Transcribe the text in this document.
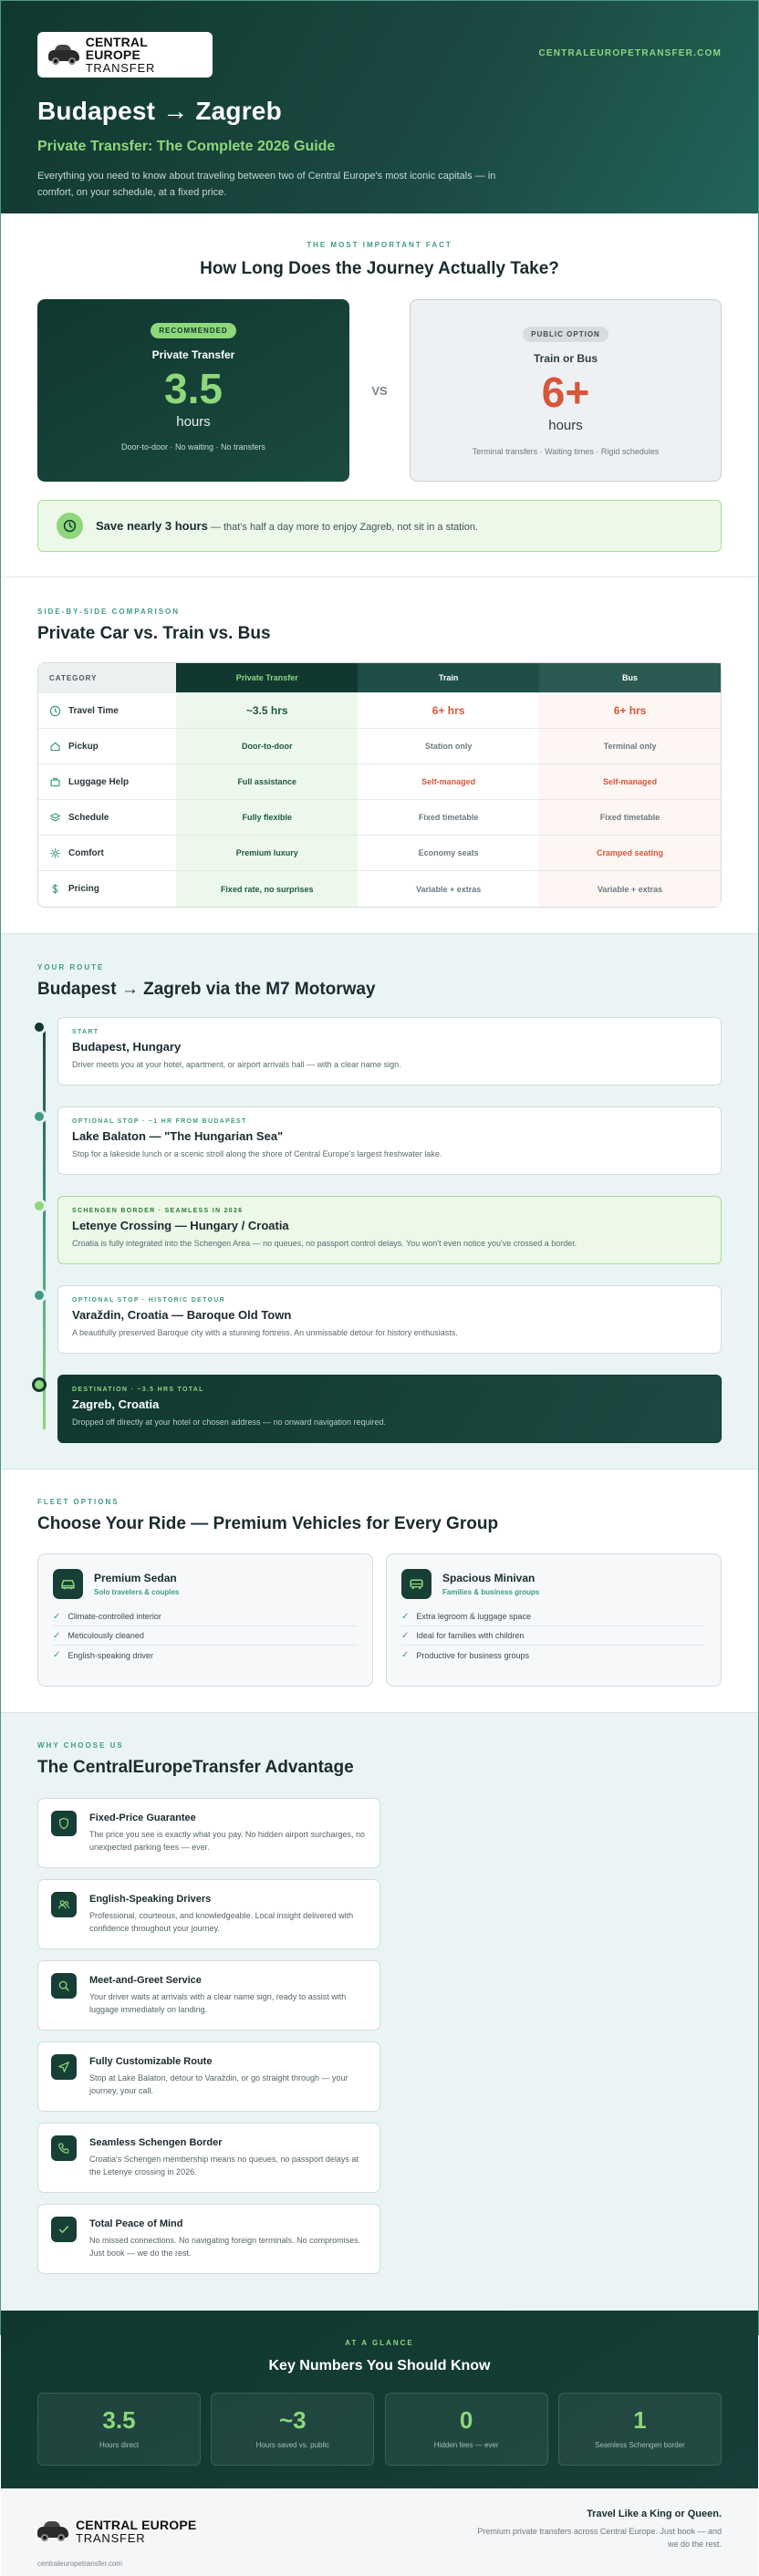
CENTRAL EUROPE
TRANSFER
CENTRALEUROPETRANSFER.COM
Budapest → Zagreb
Private Transfer: The Complete 2026 Guide

Everything you need to know about traveling between two of Central Europe's most iconic capitals — in comfort, on your schedule, at a fixed price.

THE MOST IMPORTANT FACT
How Long Does the Journey Actually Take?
RECOMMENDED
Private Transfer
3.5
hours
Door-to-door · No waiting · No transfers
VS
PUBLIC OPTION
Train or Bus
6+
hours
Terminal transfers · Waiting times · Rigid schedules
Save nearly 3 hours — that's half a day more to enjoy Zagreb, not sit in a station.
SIDE-BY-SIDE COMPARISON
Private Car vs. Train vs. Bus
CATEGORY	Private Transfer	Train	Bus
Travel Time	~3.5 hrs	6+ hrs	6+ hrs
Pickup	Door-to-door	Station only	Terminal only
Luggage Help	Full assistance	Self-managed	Self-managed
Schedule	Fully flexible	Fixed timetable	Fixed timetable
Comfort	Premium luxury	Economy seats	Cramped seating
Pricing	Fixed rate, no surprises	Variable + extras	Variable + extras
YOUR ROUTE
Budapest → Zagreb via the M7 Motorway
START
Budapest, Hungary
Driver meets you at your hotel, apartment, or airport arrivals hall — with a clear name sign.
OPTIONAL STOP · ~1 HR FROM BUDAPEST
Lake Balaton — "The Hungarian Sea"
Stop for a lakeside lunch or a scenic stroll along the shore of Central Europe's largest freshwater lake.
SCHENGEN BORDER · SEAMLESS IN 2026
Letenye Crossing — Hungary / Croatia
Croatia is fully integrated into the Schengen Area — no queues, no passport control delays. You won't even notice you've crossed a border.
OPTIONAL STOP · HISTORIC DETOUR
Varaždin, Croatia — Baroque Old Town
A beautifully preserved Baroque city with a stunning fortress. An unmissable detour for history enthusiasts.
DESTINATION · ~3.5 HRS TOTAL
Zagreb, Croatia
Dropped off directly at your hotel or chosen address — no onward navigation required.
FLEET OPTIONS
Choose Your Ride — Premium Vehicles for Every Group
Premium Sedan
Solo travelers & couples
✓ Climate-controlled interior
✓ Meticulously cleaned
✓ English-speaking driver
Spacious Minivan
Families & business groups
✓ Extra legroom & luggage space
✓ Ideal for families with children
✓ Productive for business groups
WHY CHOOSE US
The CentralEuropeTransfer Advantage
Fixed-Price Guarantee
The price you see is exactly what you pay. No hidden airport surcharges, no unexpected parking fees — ever.
English-Speaking Drivers
Professional, courteous, and knowledgeable. Local insight delivered with confidence throughout your journey.
Meet-and-Greet Service
Your driver waits at arrivals with a clear name sign, ready to assist with luggage immediately on landing.
Fully Customizable Route
Stop at Lake Balaton, detour to Varaždin, or go straight through — your journey, your call.
Seamless Schengen Border
Croatia's Schengen membership means no queues, no passport delays at the Letenye crossing in 2026.
Total Peace of Mind
No missed connections. No navigating foreign terminals. No compromises. Just book — we do the rest.
AT A GLANCE
Key Numbers You Should Know
3.5
Hours direct
~3
Hours saved vs. public
0
Hidden fees — ever
1
Seamless Schengen border
CENTRAL EUROPE
TRANSFER
centraleuropetransfer.com
Travel Like a King or Queen.
Premium private transfers across Central Europe. Just book — and we do the rest.
